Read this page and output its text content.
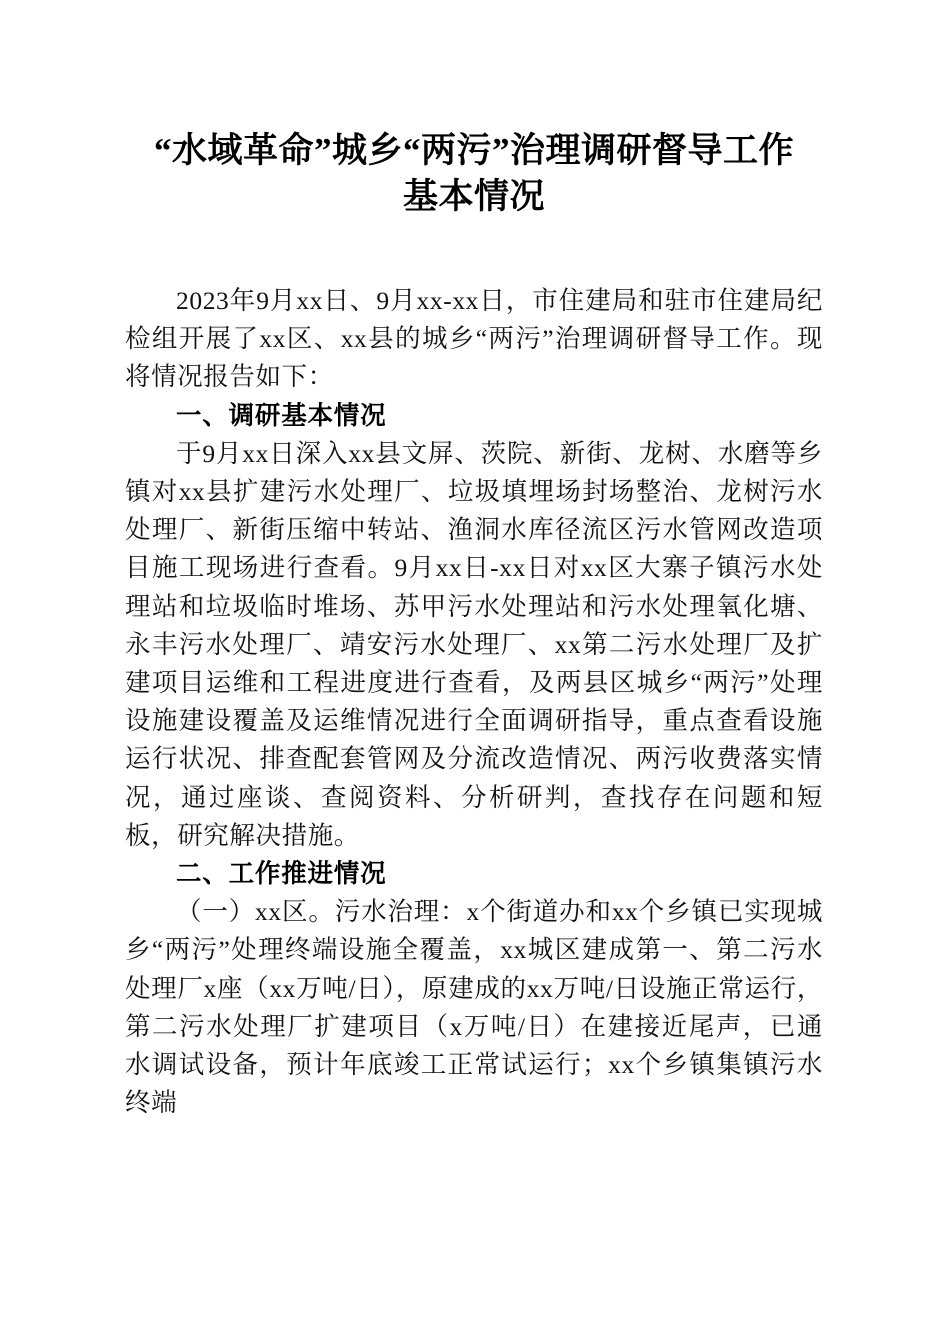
“水域革命”城乡“两污”治理调研督导工作
基本情况

2023年9月xx日、9月xx-xx日，市住建局和驻市住建局纪检组开展了xx区、xx县的城乡“两污”治理调研督导工作。现将情况报告如下：

一、调研基本情况

于9月xx日深入xx县文屏、茨院、新街、龙树、水磨等乡镇对xx县扩建污水处理厂、垃圾填埋场封场整治、龙树污水处理厂、新街压缩中转站、渔洞水库径流区污水管网改造项目施工现场进行查看。9月xx日-xx日对xx区大寨子镇污水处理站和垃圾临时堆场、苏甲污水处理站和污水处理氧化塘、永丰污水处理厂、靖安污水处理厂、xx第二污水处理厂及扩建项目运维和工程进度进行查看，及两县区城乡“两污”处理设施建设覆盖及运维情况进行全面调研指导，重点查看设施运行状况、排查配套管网及分流改造情况、两污收费落实情况，通过座谈、查阅资料、分析研判，查找存在问题和短板，研究解决措施。

二、工作推进情况

（一）xx区。污水治理：x个街道办和xx个乡镇已实现城乡“两污”处理终端设施全覆盖，xx城区建成第一、第二污水处理厂x座（xx万吨/日），原建成的xx万吨/日设施正常运行，第二污水处理厂扩建项目（x万吨/日）在建接近尾声，已通水调试设备，预计年底竣工正常试运行；xx个乡镇集镇污水终端
